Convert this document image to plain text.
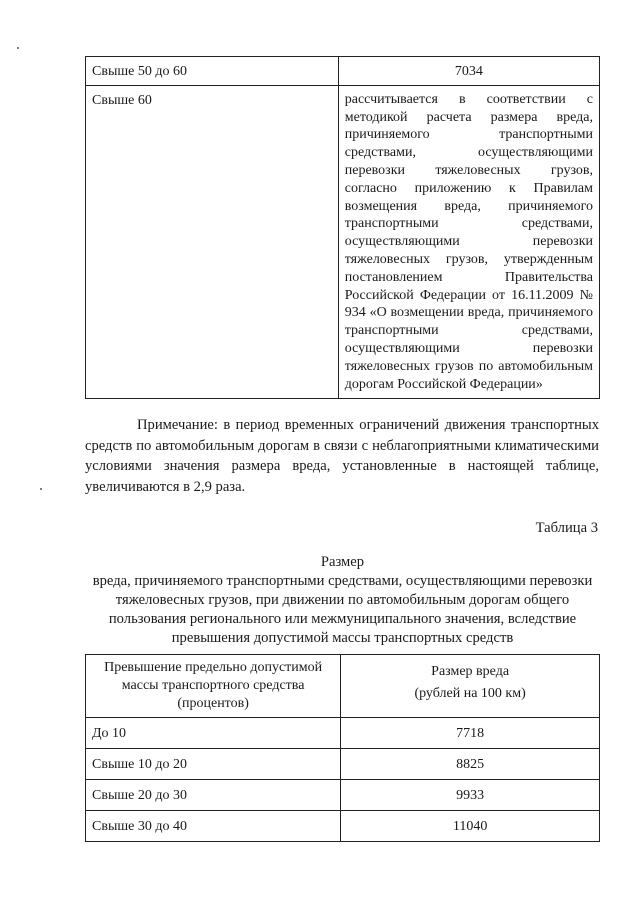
Свыше 50 до 60	7034
Свыше 60	рассчитывается в соответствии с методикой расчета размера вреда, причиняемого транспортными средствами, осуществляющими перевозки тяжеловесных грузов, согласно приложению к Правилам возмещения вреда, причиняемого транспортными средствами, осуществляющими перевозки тяжеловесных грузов, утвержденным постановлением Правительства Российской Федерации от 16.11.2009 № 934 «О возмещении вреда, причиняемого транспортными средствами, осуществляющими перевозки тяжеловесных грузов по автомобильным дорогам Российской Федерации»

Примечание: в период временных ограничений движения транспортных средств по автомобильным дорогам в связи с неблагоприятными климатическими условиями значения размера вреда, установленные в настоящей таблице, увеличиваются в 2,9 раза.

Таблица 3

Размер
вреда, причиняемого транспортными средствами, осуществляющими перевозки тяжеловесных грузов, при движении по автомобильным дорогам общего пользования регионального или межмуниципального значения, вследствие превышения допустимой массы транспортных средств

Превышение предельно допустимой массы транспортного средства (процентов)	Размер вреда
(рублей на 100 км)

До 10	7718
Свыше 10 до 20	8825
Свыше 20 до 30	9933
Свыше 30 до 40	11040
